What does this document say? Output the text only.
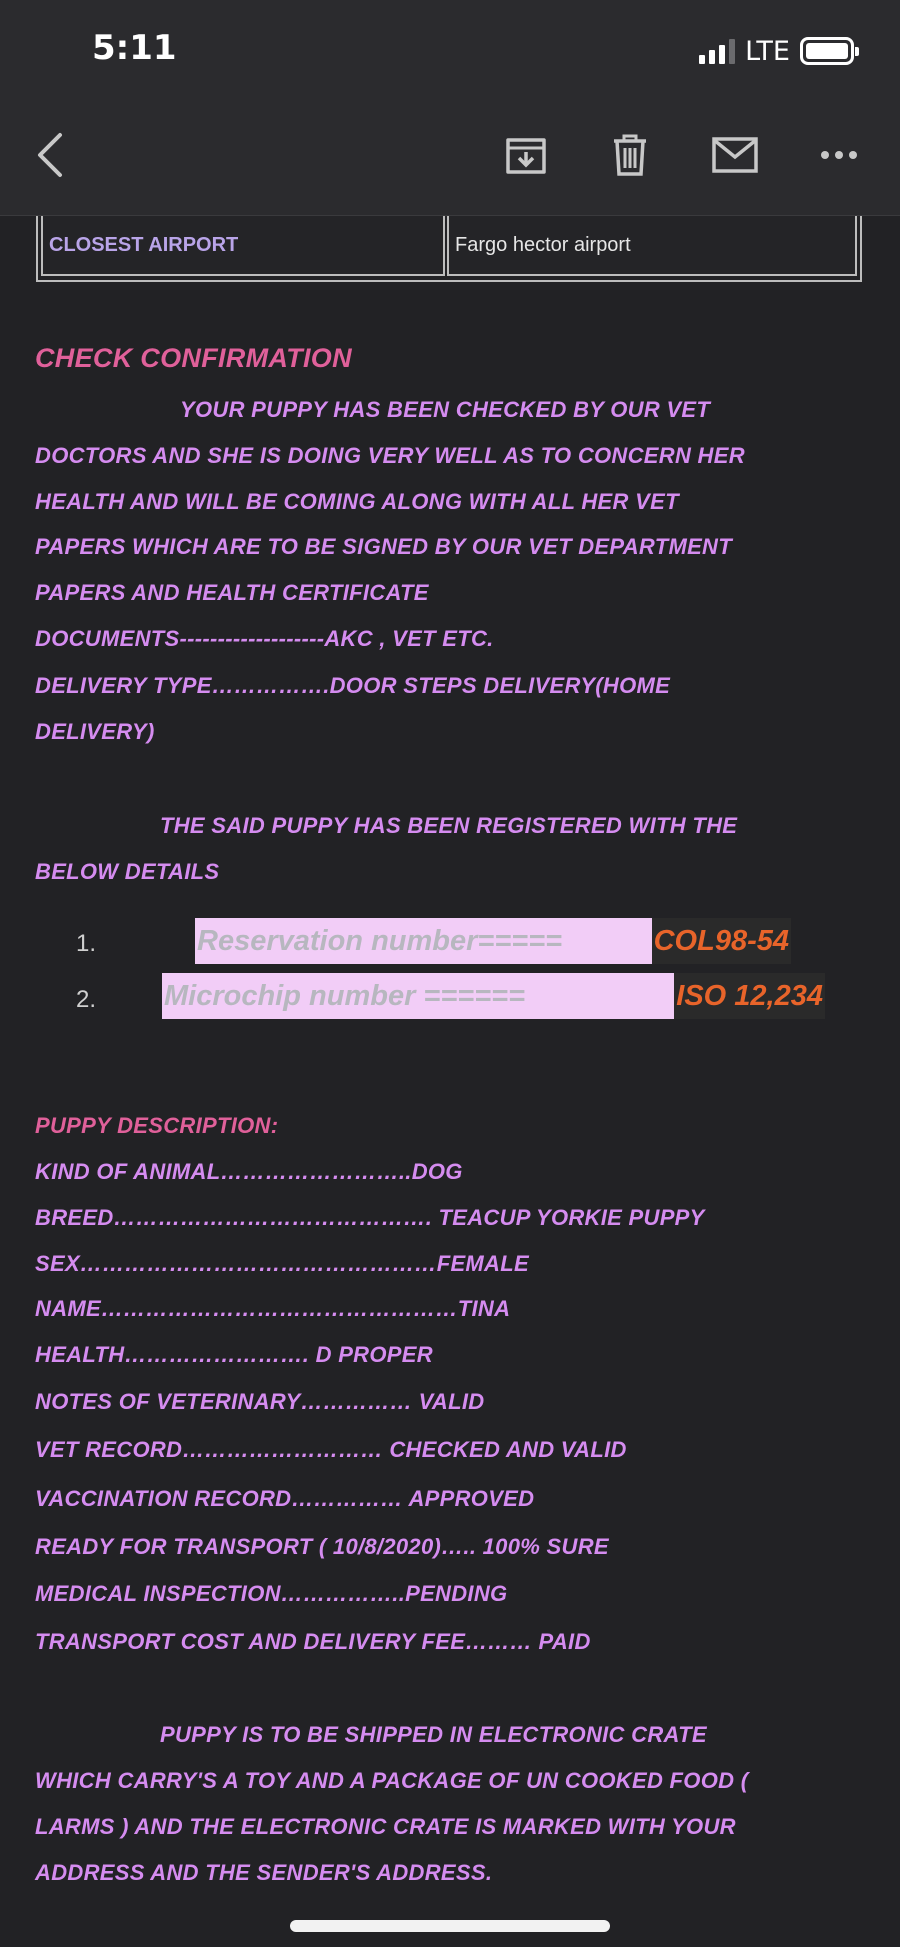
5:11	LTE
CLOSEST AIRPORT	Fargo hector airport
CHECK CONFIRMATION
YOUR PUPPY HAS BEEN CHECKED BY OUR VET
DOCTORS AND SHE IS DOING VERY WELL AS TO CONCERN HER
HEALTH AND WILL BE COMING ALONG WITH ALL HER VET
PAPERS WHICH ARE TO BE SIGNED BY OUR VET DEPARTMENT
PAPERS AND HEALTH CERTIFICATE
DOCUMENTS-------------------AKC , VET ETC.
DELIVERY TYPE…………….DOOR STEPS DELIVERY(HOME
DELIVERY)
THE SAID PUPPY HAS BEEN REGISTERED WITH THE
BELOW DETAILS
1.	Reservation number=====	COL98-54
2. Microchip number ======	ISO 12,234
PUPPY DESCRIPTION:
KIND OF ANIMAL……………………..DOG
BREED……………………………………. TEACUP YORKIE PUPPY
SEX…………………………………………FEMALE
NAME…………………………………………TINA
HEALTH……………………. D PROPER
NOTES OF VETERINARY…………… VALID
VET RECORD……………………… CHECKED AND VALID
VACCINATION RECORD…………… APPROVED
READY FOR TRANSPORT ( 10/8/2020)….. 100% SURE
MEDICAL INSPECTION……………..PENDING
TRANSPORT COST AND DELIVERY FEE……… PAID
PUPPY IS TO BE SHIPPED IN ELECTRONIC CRATE
WHICH CARRY'S A TOY AND A PACKAGE OF UN COOKED FOOD (
LARMS ) AND THE ELECTRONIC CRATE IS MARKED WITH YOUR
ADDRESS AND THE SENDER'S ADDRESS.
